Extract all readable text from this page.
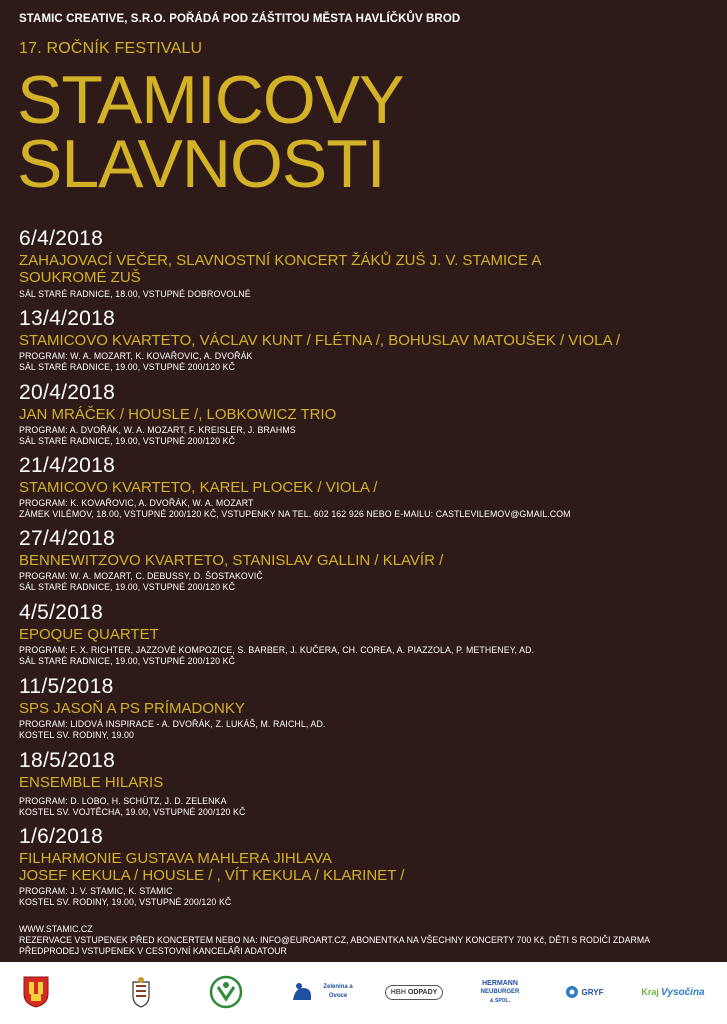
STAMIC CREATIVE, S.R.O. POŘÁDÁ POD ZÁŠTITOU MĚSTA HAVLÍČKŮV BROD
17. ROČNÍK FESTIVALU
STAMICOVY
SLAVNOSTI
6/4/2018
ZAHAJOVACÍ VEČER, SLAVNOSTNÍ KONCERT ŽÁKŮ ZUŠ J. V. STAMICE A
SOUKROMÉ ZUŠ
SÁL STARÉ RADNICE, 18.00, VSTUPNÉ DOBROVOLNÉ
13/4/2018
STAMICOVO KVARTETO, VÁCLAV KUNT / FLÉTNA /, BOHUSLAV MATOUŠEK / VIOLA /
PROGRAM: W. A. MOZART, K. KOVAŘOVIC, A. DVOŘÁK
SÁL STARÉ RADNICE, 19.00, VSTUPNÉ 200/120 KČ
20/4/2018
JAN MRÁČEK / HOUSLE /, LOBKOWICZ TRIO
PROGRAM: A. DVOŘÁK, W. A. MOZART, F. KREISLER, J. BRAHMS
SÁL STARÉ RADNICE, 19.00, VSTUPNÉ 200/120 KČ
21/4/2018
STAMICOVO KVARTETO, KAREL PLOCEK / VIOLA /
PROGRAM: K. KOVAŘOVIC, A. DVOŘÁK, W. A. MOZART
ZÁMEK VILÉMOV, 18.00, VSTUPNÉ 200/120 KČ, VSTUPENKY NA TEL. 602 162 926 NEBO E-MAILU: CASTLEVILEMOV@GMAIL.COM
27/4/2018
BENNEWITZOVO KVARTETO, STANISLAV GALLIN / KLAVÍR /
PROGRAM: W. A. MOZART, C. DEBUSSY, D. ŠOSTAKOVIČ
SÁL STARÉ RADNICE, 19.00, VSTUPNÉ 200/120 KČ
4/5/2018
EPOQUE QUARTET
PROGRAM: F. X. RICHTER, JAZZOVÉ KOMPOZICE, S. BARBER, J. KUČERA, CH. COREA, A. PIAZZOLA, P. METHENEY, AD.
SÁL STARÉ RADNICE, 19.00, VSTUPNÉ 200/120 KČ
11/5/2018
SPS JASOŇ A PS PRÍMADONKY
PROGRAM: LIDOVÁ INSPIRACE - A. DVOŘÁK, Z. LUKÁŠ, M. RAICHL, AD.
KOSTEL SV. RODINY, 19.00
18/5/2018
ENSEMBLE HILARIS
PROGRAM: D. LOBO, H. SCHÜTZ, J. D. ZELENKA
KOSTEL SV. VOJTĚCHA, 19.00, VSTUPNÉ 200/120 KČ
1/6/2018
FILHARMONIE GUSTAVA MAHLERA JIHLAVA
JOSEF KEKULA / HOUSLE / , VÍT KEKULA / KLARINET /
PROGRAM: J. V. STAMIC, K. STAMIC
KOSTEL SV. RODINY, 19.00, VSTUPNÉ 200/120 KČ
WWW.STAMIC.CZ
REZERVACE VSTUPENEK PŘED KONCERTEM NEBO NA: INFO@EUROART.CZ, ABONENTKA NA VŠECHNY KONCERTY 700 Kč, DĚTI S RODIČI ZDARMA
PŘEDPRODEJ VSTUPENEK V CESTOVNÍ KANCELÁŘI ADATOUR
Zelenina a Ovoce
HBH ODPADY
HERMANN
NEUBURGER
& SPOL.
GRYF	Kraj Vysočina
